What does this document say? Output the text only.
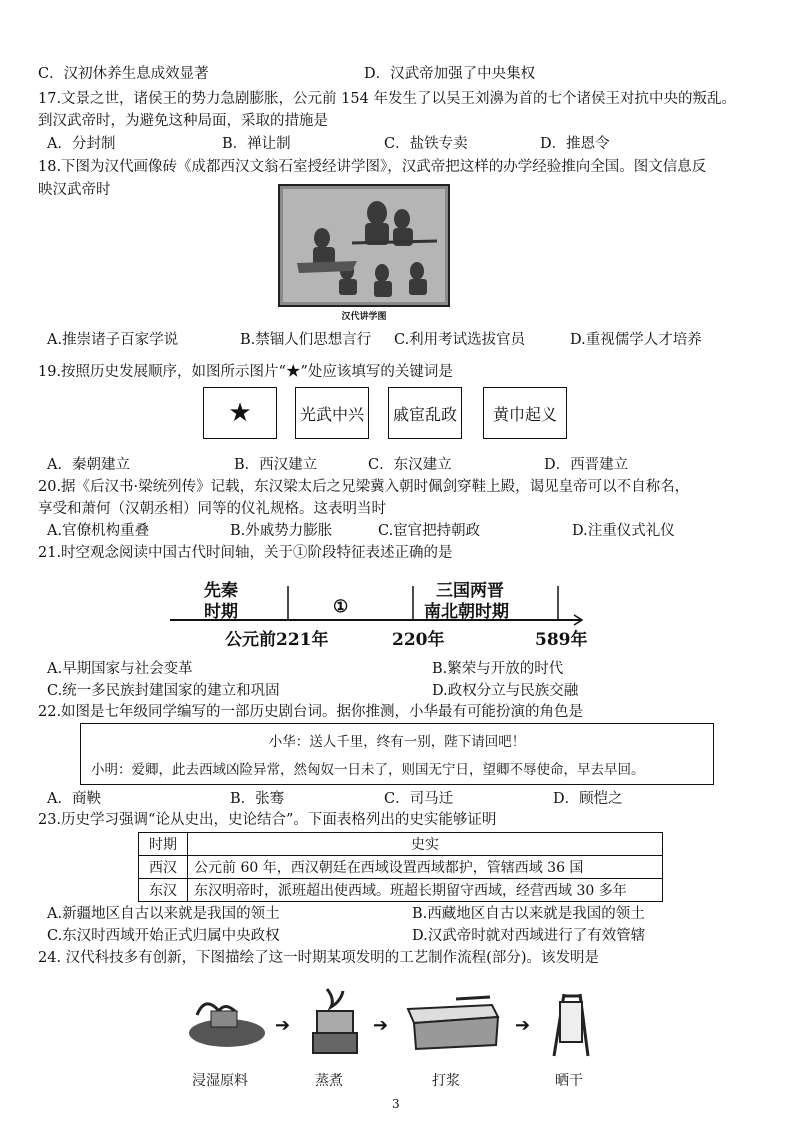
C．汉初休养生息成效显著	D．汉武帝加强了中央集权
17.文景之世，诸侯王的势力急剧膨胀，公元前 154 年发生了以吴王刘濞为首的七个诸侯王对抗中央的叛乱。
到汉武帝时，为避免这种局面，采取的措施是
A．分封制	B．禅让制	C．盐铁专卖	D．推恩令
18.下图为汉代画像砖《成都西汉文翁石室授经讲学图》，汉武帝把这样的办学经验推向全国。图文信息反
映汉武帝时
汉代讲学图
A.推崇诸子百家学说	B.禁锢人们思想言行 C.利用考试选拔官员	D.重视儒学人才培养
19.按照历史发展顺序，如图所示图片“★”处应该填写的关键词是
★	光武中兴	戚宦乱政	黄巾起义
A．秦朝建立	B．西汉建立	C．东汉建立	D．西晋建立
20.据《后汉书·梁统列传》记载，东汉梁太后之兄梁冀入朝时佩剑穿鞋上殿，谒见皇帝可以不自称名，
享受和萧何（汉朝丞相）同等的仪礼规格。这表明当时
A.官僚机构重叠	B.外戚势力膨胀	C.宦官把持朝政	D.注重仪式礼仪
21.时空观念阅读中国古代时间轴，关于①阶段特征表述正确的是
先秦
时期	①
三国两晋
南北朝时期
公元前221年	220年	589年
A.早期国家与社会变革	B.繁荣与开放的时代
C.统一多民族封建国家的建立和巩固	D.政权分立与民族交融
22.如图是七年级同学编写的一部历史剧台词。据你推测，小华最有可能扮演的角色是
小华：送人千里，终有一别，陛下请回吧！
小明：爱卿，此去西域凶险异常，然匈奴一日未了，则国无宁日，望卿不辱使命，早去早回。
A．商鞅	B．张骞	C．司马迁	D．顾恺之
23.历史学习强调“论从史出，史论结合”。下面表格列出的史实能够证明
时期	史实
西汉	公元前 60 年，西汉朝廷在西域设置西域都护，管辖西域 36 国
东汉	东汉明帝时，派班超出使西域。班超长期留守西域，经营西域 30 多年
A.新疆地区自古以来就是我国的领土	B.西藏地区自古以来就是我国的领土
C.东汉时西域开始正式归属中央政权	D.汉武帝时就对西域进行了有效管辖
24. 汉代科技多有创新，下图描绘了这一时期某项发明的工艺制作流程(部分)。该发明是
➔	➔	➔
浸湿原料	蒸煮	打浆	晒干
3
